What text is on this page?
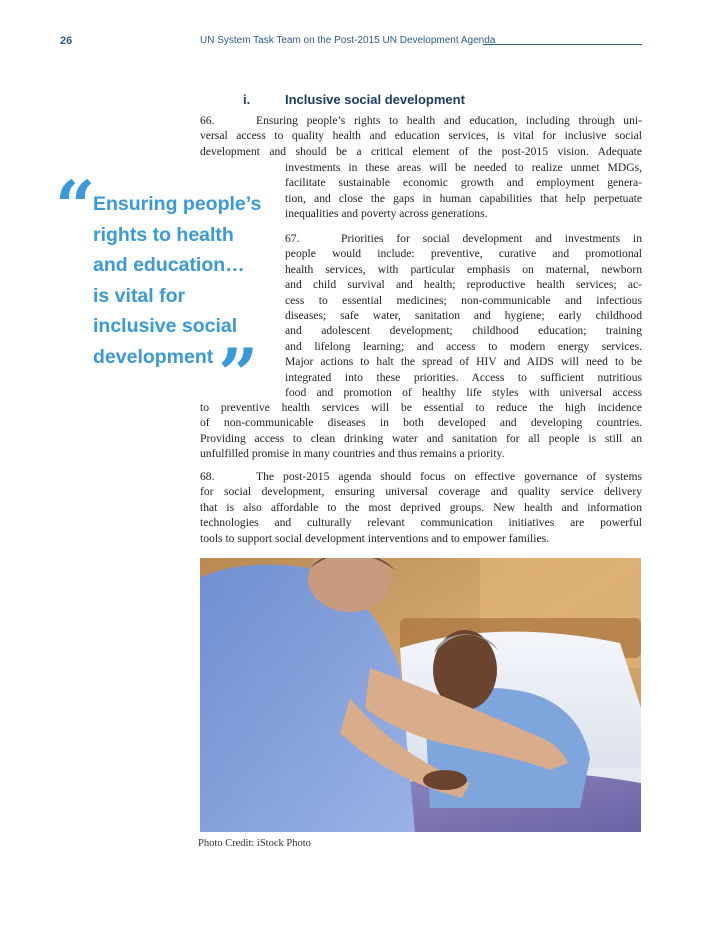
26	UN System Task Team on the Post-2015 UN Development Agenda
i.	Inclusive social development
66.	Ensuring people’s rights to health and education, including through uni-
versal access to quality health and education services, is vital for inclusive social
development and should be a critical element of the post-2015 vision. Adequate
investments in these areas will be needed to realize unmet MDGs,
facilitate sustainable economic growth and employment genera-
tion, and close the gaps in human capabilities that help perpetuate
inequalities and poverty across generations.
67.	Priorities for social development and investments in
people would include: preventive, curative and promotional
health services, with particular emphasis on maternal, newborn
and child survival and health; reproductive health services; ac-
cess to essential medicines; non-communicable and infectious
diseases; safe water, sanitation and hygiene; early childhood
and adolescent development; childhood education; training
and lifelong learning; and access to modern energy services.
Major actions to halt the spread of HIV and AIDS will need to be
integrated into these priorities. Access to sufficient nutritious
food and promotion of healthy life styles with universal access
to preventive health services will be essential to reduce the high incidence
of non-communicable diseases in both developed and developing countries.
Providing access to clean drinking water and sanitation for all people is still an
unfulfilled promise in many countries and thus remains a priority.
68.	The post-2015 agenda should focus on effective governance of systems
for social development, ensuring universal coverage and quality service delivery
that is also affordable to the most deprived groups. New health and information
technologies and culturally relevant communication initiatives are powerful
tools to support social development interventions and to empower families.
“
Ensuring people’s
rights to health
and education…
is vital for
inclusive social
development ”
Photo Credit: iStock Photo
